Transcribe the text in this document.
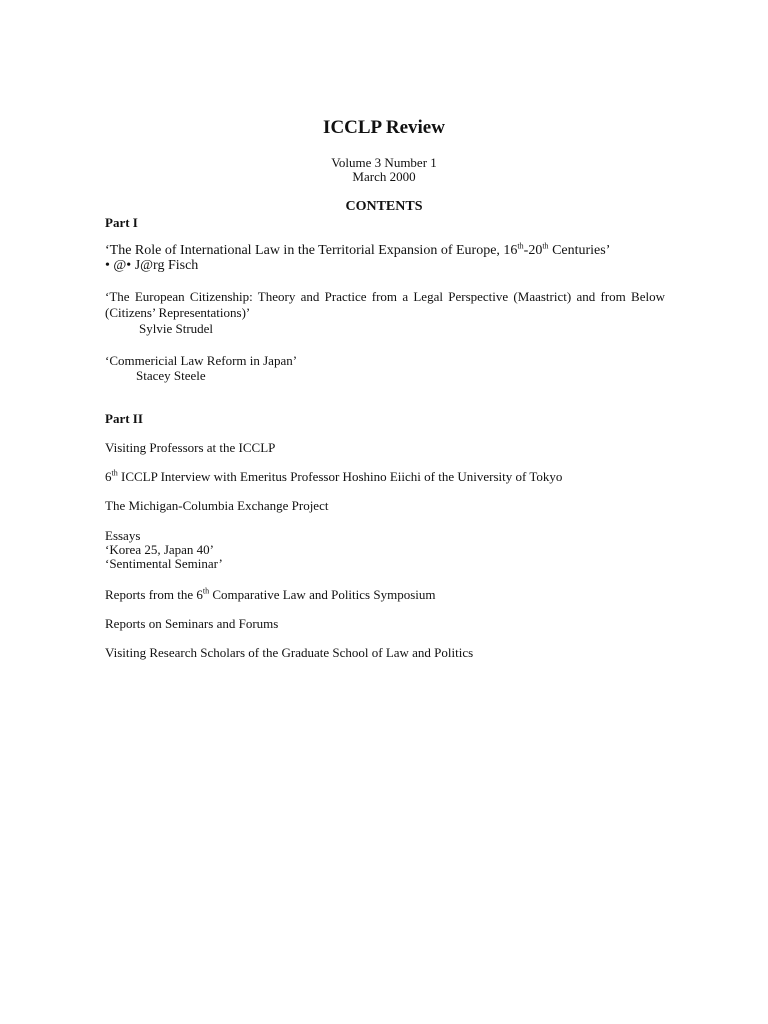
ICCLP Review
Volume 3 Number 1
March 2000
CONTENTS
Part I
‘The Role of International Law in the Territorial Expansion of Europe, 16th-20th Centuries’
• @• J@rg Fisch
‘The European Citizenship: Theory and Practice from a Legal Perspective (Maastrict) and from Below (Citizens’ Representations)’
Sylvie Strudel
‘Commericial Law Reform in Japan’
Stacey Steele
Part II
Visiting Professors at the ICCLP
6th ICCLP Interview with Emeritus Professor Hoshino Eiichi of the University of Tokyo
The Michigan-Columbia Exchange Project
Essays
‘Korea 25, Japan 40’
‘Sentimental Seminar’
Reports from the 6th Comparative Law and Politics Symposium
Reports on Seminars and Forums
Visiting Research Scholars of the Graduate School of Law and Politics
